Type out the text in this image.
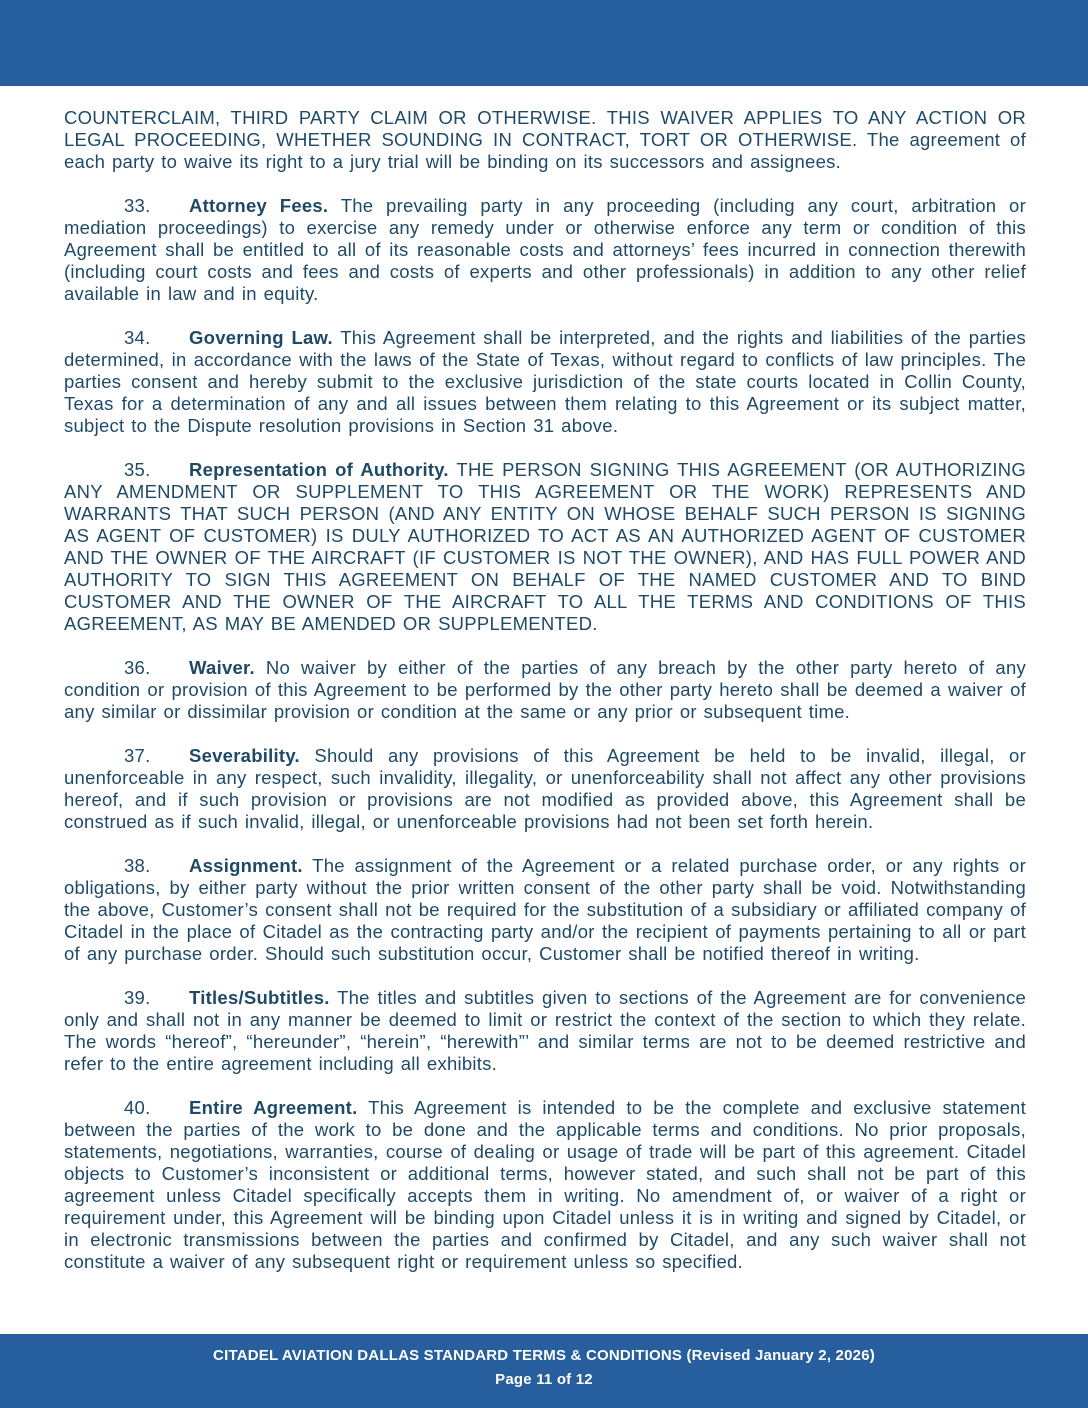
COUNTERCLAIM, THIRD PARTY CLAIM OR OTHERWISE. THIS WAIVER APPLIES TO ANY ACTION OR LEGAL PROCEEDING, WHETHER SOUNDING IN CONTRACT, TORT OR OTHERWISE. The agreement of each party to waive its right to a jury trial will be binding on its successors and assignees.

33. Attorney Fees. The prevailing party in any proceeding (including any court, arbitration or mediation proceedings) to exercise any remedy under or otherwise enforce any term or condition of this Agreement shall be entitled to all of its reasonable costs and attorneys’ fees incurred in connection therewith (including court costs and fees and costs of experts and other professionals) in addition to any other relief available in law and in equity.

34. Governing Law. This Agreement shall be interpreted, and the rights and liabilities of the parties determined, in accordance with the laws of the State of Texas, without regard to conflicts of law principles. The parties consent and hereby submit to the exclusive jurisdiction of the state courts located in Collin County, Texas for a determination of any and all issues between them relating to this Agreement or its subject matter, subject to the Dispute resolution provisions in Section 31 above.

35. Representation of Authority. THE PERSON SIGNING THIS AGREEMENT (OR AUTHORIZING ANY AMENDMENT OR SUPPLEMENT TO THIS AGREEMENT OR THE WORK) REPRESENTS AND WARRANTS THAT SUCH PERSON (AND ANY ENTITY ON WHOSE BEHALF SUCH PERSON IS SIGNING AS AGENT OF CUSTOMER) IS DULY AUTHORIZED TO ACT AS AN AUTHORIZED AGENT OF CUSTOMER AND THE OWNER OF THE AIRCRAFT (IF CUSTOMER IS NOT THE OWNER), AND HAS FULL POWER AND AUTHORITY TO SIGN THIS AGREEMENT ON BEHALF OF THE NAMED CUSTOMER AND TO BIND CUSTOMER AND THE OWNER OF THE AIRCRAFT TO ALL THE TERMS AND CONDITIONS OF THIS AGREEMENT, AS MAY BE AMENDED OR SUPPLEMENTED.

36. Waiver. No waiver by either of the parties of any breach by the other party hereto of any condition or provision of this Agreement to be performed by the other party hereto shall be deemed a waiver of any similar or dissimilar provision or condition at the same or any prior or subsequent time.

37. Severability. Should any provisions of this Agreement be held to be invalid, illegal, or unenforceable in any respect, such invalidity, illegality, or unenforceability shall not affect any other provisions hereof, and if such provision or provisions are not modified as provided above, this Agreement shall be construed as if such invalid, illegal, or unenforceable provisions had not been set forth herein.

38. Assignment. The assignment of the Agreement or a related purchase order, or any rights or obligations, by either party without the prior written consent of the other party shall be void. Notwithstanding the above, Customer’s consent shall not be required for the substitution of a subsidiary or affiliated company of Citadel in the place of Citadel as the contracting party and/or the recipient of payments pertaining to all or part of any purchase order. Should such substitution occur, Customer shall be notified thereof in writing.

39. Titles/Subtitles. The titles and subtitles given to sections of the Agreement are for convenience only and shall not in any manner be deemed to limit or restrict the context of the section to which they relate. The words “hereof”, “hereunder”, “herein”, “herewith”’ and similar terms are not to be deemed restrictive and refer to the entire agreement including all exhibits.

40. Entire Agreement. This Agreement is intended to be the complete and exclusive statement between the parties of the work to be done and the applicable terms and conditions. No prior proposals, statements, negotiations, warranties, course of dealing or usage of trade will be part of this agreement. Citadel objects to Customer’s inconsistent or additional terms, however stated, and such shall not be part of this agreement unless Citadel specifically accepts them in writing. No amendment of, or waiver of a right or requirement under, this Agreement will be binding upon Citadel unless it is in writing and signed by Citadel, or in electronic transmissions between the parties and confirmed by Citadel, and any such waiver shall not constitute a waiver of any subsequent right or requirement unless so specified.

CITADEL AVIATION DALLAS STANDARD TERMS & CONDITIONS (Revised January 2, 2026)
Page 11 of 12
